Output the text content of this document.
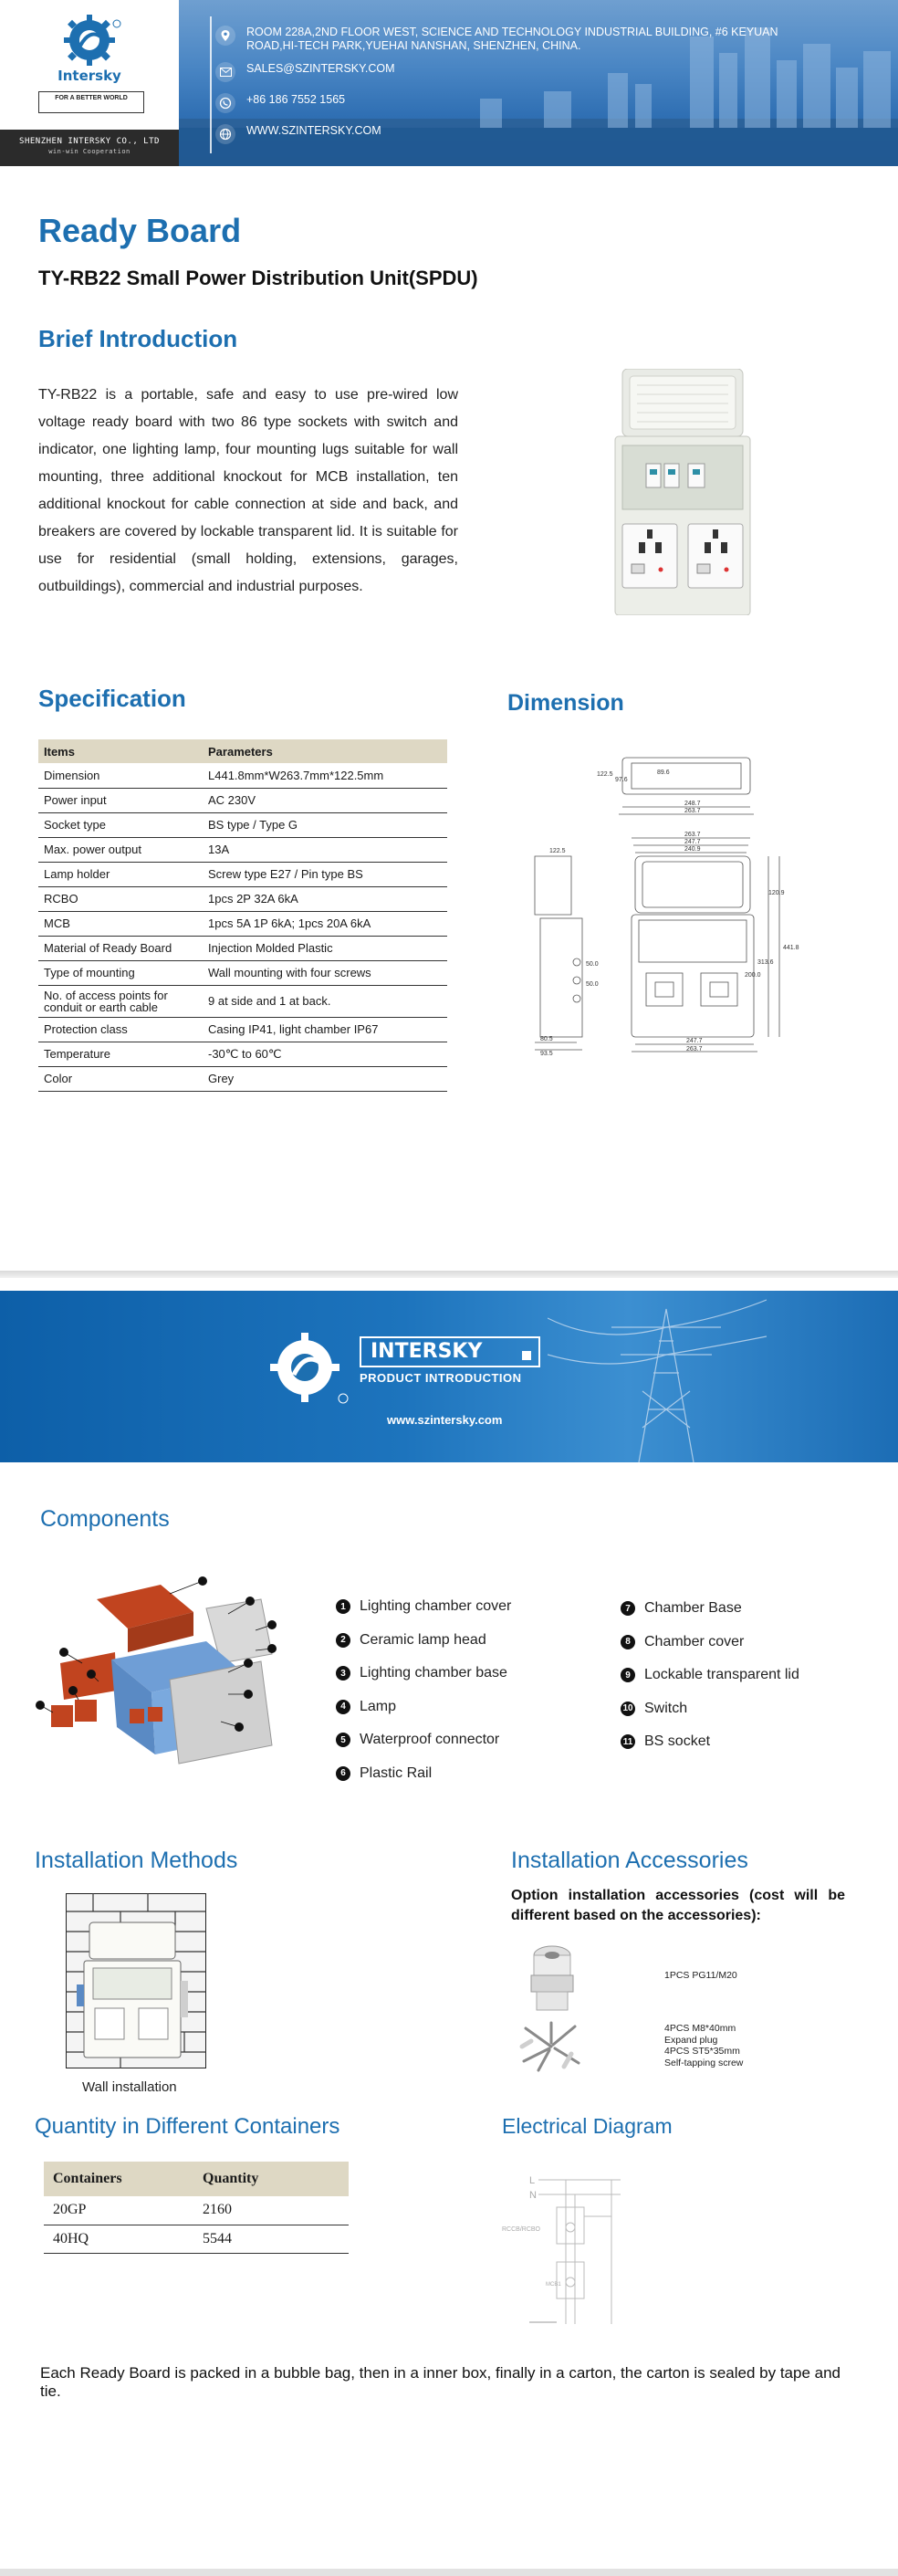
Intersky
FOR A BETTER WORLD
SHENZHEN INTERSKY CO., LTD
win-win Cooperation
ROOM 228A,2ND FLOOR WEST, SCIENCE AND TECHNOLOGY INDUSTRIAL BUILDING, #6 KEYUAN ROAD,HI-TECH PARK,YUEHAI NANSHAN, SHENZHEN, CHINA.
SALES@SZINTERSKY.COM
+86 186 7552 1565
WWW.SZINTERSKY.COM
Ready Board
TY-RB22 Small Power Distribution Unit(SPDU)
Brief Introduction
TY-RB22 is a portable, safe and easy to use pre-wired low voltage ready board with two 86 type sockets with switch and indicator, one lighting lamp, four mounting lugs suitable for wall mounting, three additional knockout for MCB installation, ten additional knockout for cable connection at side and back, and breakers are covered by lockable transparent lid. It is suitable for use for residential (small holding, extensions, garages, outbuildings), commercial and industrial purposes.
Specification
Items	Parameters
Dimension	L441.8mm*W263.7mm*122.5mm
Power input	AC 230V
Socket type	BS type / Type G
Max. power output	13A
Lamp holder	Screw type E27 / Pin type BS
RCBO	1pcs 2P 32A 6kA
MCB	1pcs 5A 1P 6kA; 1pcs 20A 6kA
Material of Ready Board	Injection Molded Plastic
Type of mounting	Wall mounting with four screws
No. of access points for conduit or earth cable	9 at side and 1 at back.
Protection class	Casing IP41, light chamber IP67
Temperature	-30℃ to 60℃
Color	Grey
Dimension
122.5
97.6
89.6
248.7
263.7
263.7
247.7
240.9
441.8
120.9
313.6
200.0
247.7
263.7
122.5
50.0
50.0
80.5
93.5
INTERSKY
PRODUCT INTRODUCTION
www.szintersky.com
Components
1 Lighting chamber cover
2 Ceramic lamp head
3 Lighting chamber base
4 Lamp
5 Waterproof connector
6 Plastic Rail
7 Chamber Base
8 Chamber cover
9 Lockable transparent lid
10 Switch
11 BS socket
Installation Methods
Wall installation
Installation Accessories
Option installation accessories (cost will be different based on the accessories):
1PCS PG11/M20
4PCS M8*40mm
Expand plug
4PCS ST5*35mm
Self-tapping screw
Quantity in Different Containers
Containers	Quantity
20GP	2160
40HQ	5544
Electrical Diagram
L
N
RCCB/RCBO
MCB1
Each Ready Board is packed in a bubble bag, then in a inner box, finally in a carton, the carton is sealed by tape and tie.
